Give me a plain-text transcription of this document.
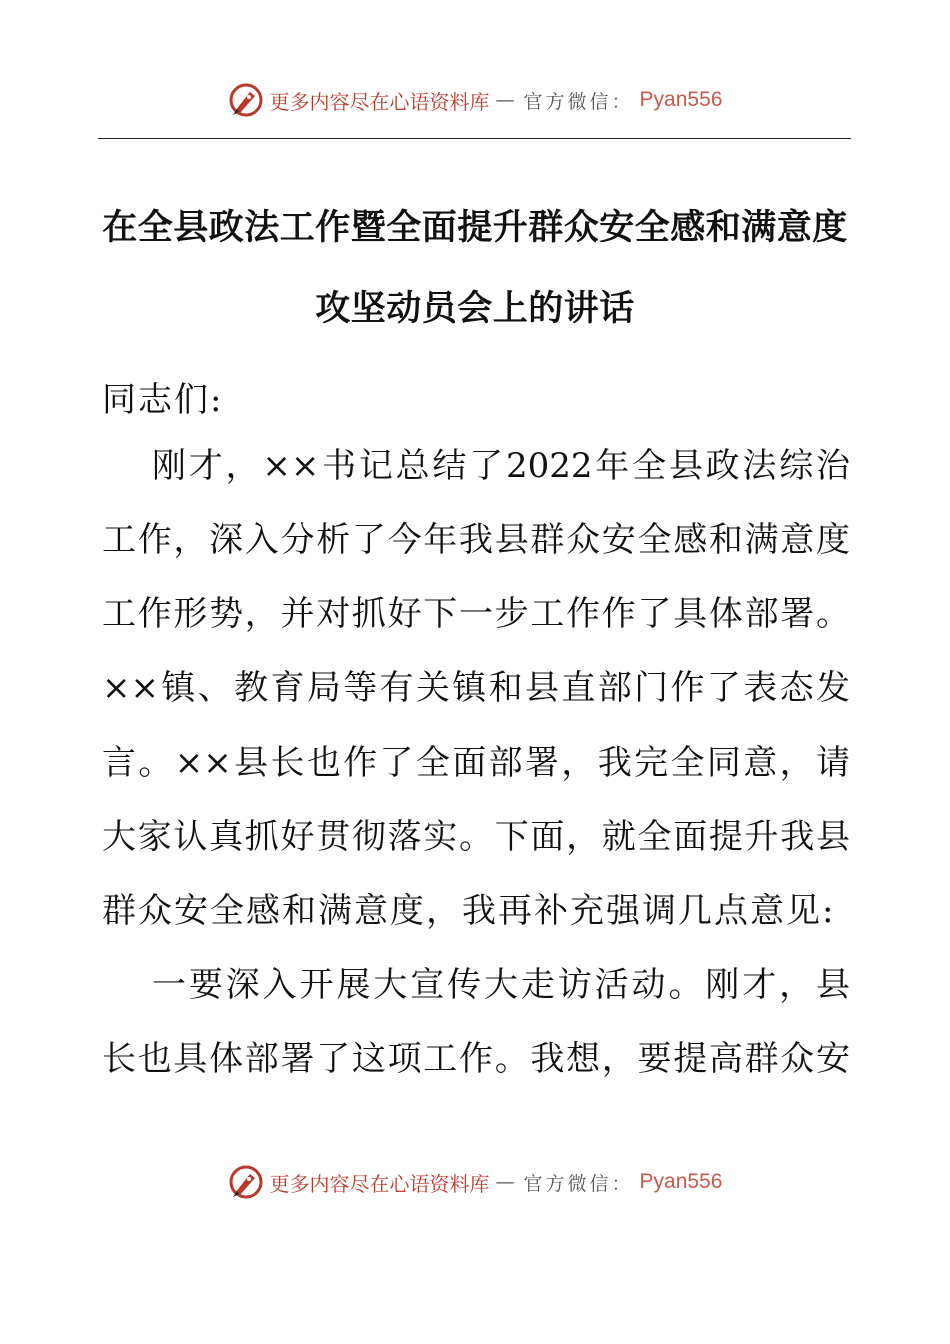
更多内容尽在心语资料库 — 官方微信： Pyan556
在全县政法工作暨全面提升群众安全感和满意度
攻坚动员会上的讲话
同志们:
刚才，××书记总结了2022年全县政法综治
工作，深入分析了今年我县群众安全感和满意度
工作形势，并对抓好下一步工作作了具体部署。
××镇、教育局等有关镇和县直部门作了表态发
言。××县长也作了全面部署，我完全同意，请
大家认真抓好贯彻落实。下面，就全面提升我县
群众安全感和满意度，我再补充强调几点意见:
一要深入开展大宣传大走访活动。刚才，县
长也具体部署了这项工作。我想，要提高群众安
更多内容尽在心语资料库 — 官方微信： Pyan556
